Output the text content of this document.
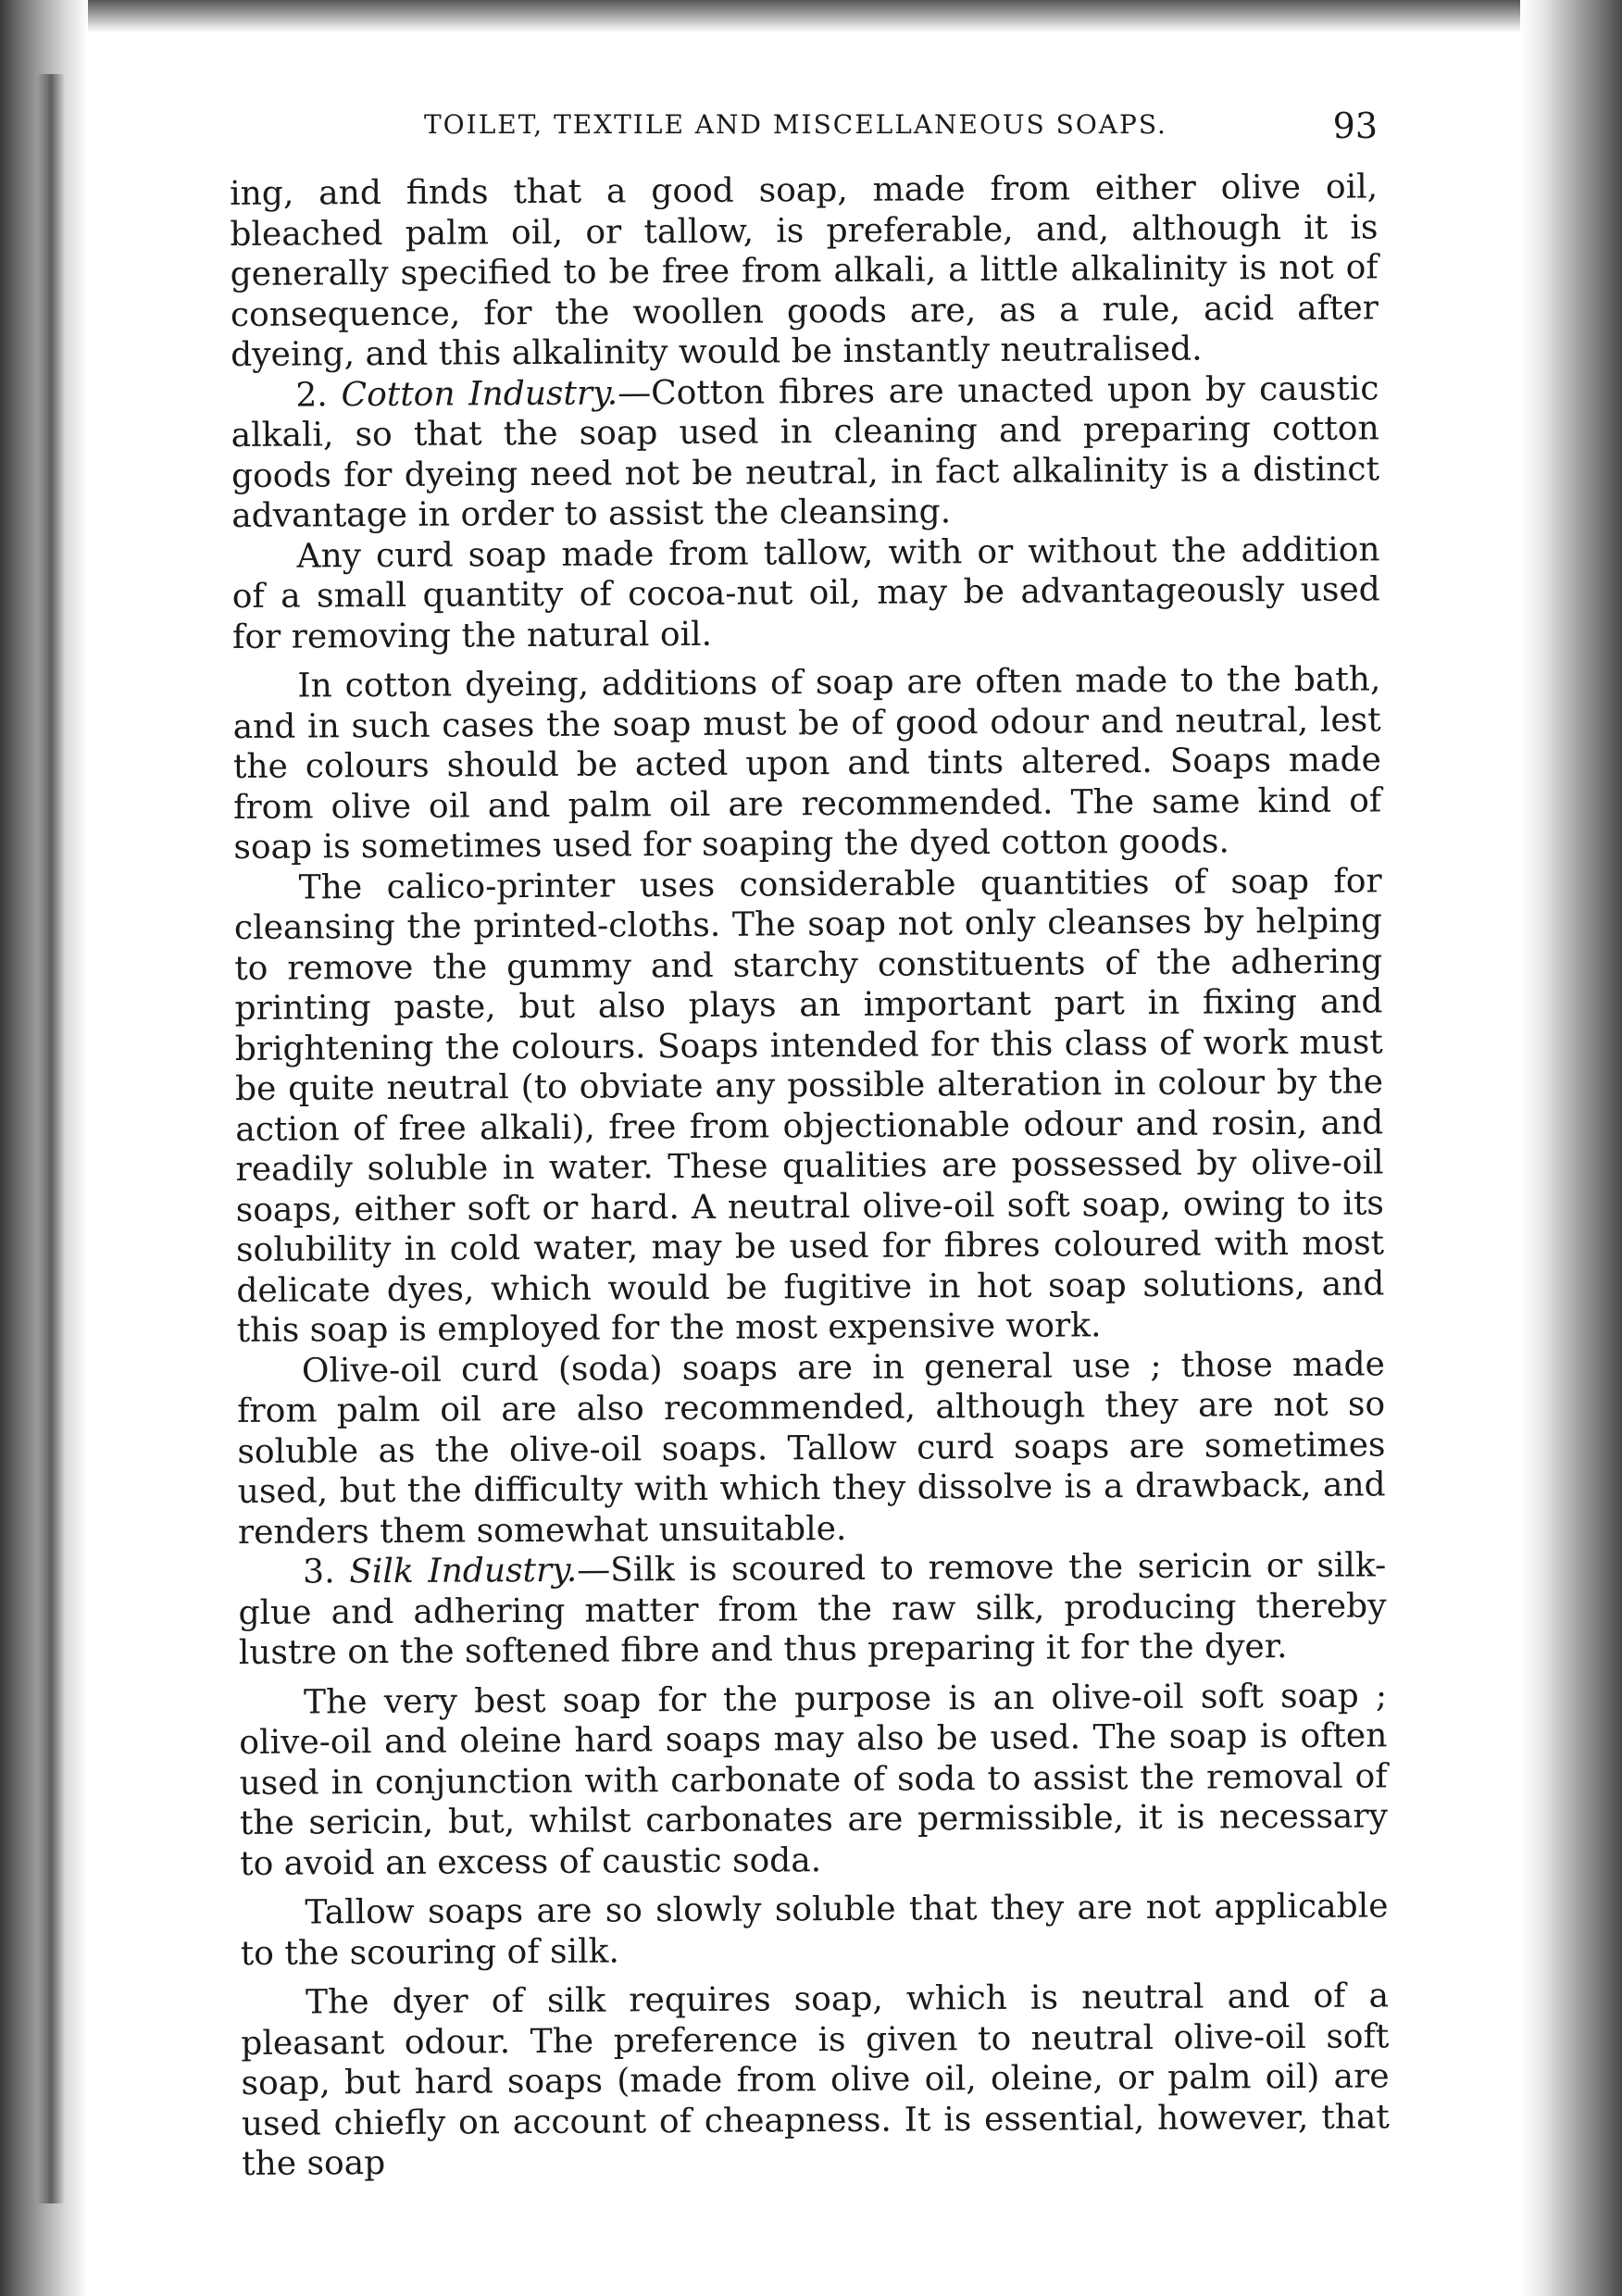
TOILET, TEXTILE AND MISCELLANEOUS SOAPS.	93

ing, and finds that a good soap, made from either olive oil, bleached palm oil, or tallow, is preferable, and, although it is generally specified to be free from alkali, a little alkalinity is not of consequence, for the woollen goods are, as a rule, acid after dyeing, and this alkalinity would be instantly neutralised.

2. Cotton Industry.—Cotton fibres are unacted upon by caustic alkali, so that the soap used in cleaning and preparing cotton goods for dyeing need not be neutral, in fact alkalinity is a distinct advantage in order to assist the cleansing.

Any curd soap made from tallow, with or without the addition of a small quantity of cocoa-nut oil, may be advantageously used for removing the natural oil.

In cotton dyeing, additions of soap are often made to the bath, and in such cases the soap must be of good odour and neutral, lest the colours should be acted upon and tints altered. Soaps made from olive oil and palm oil are recommended. The same kind of soap is sometimes used for soaping the dyed cotton goods.

The calico-printer uses considerable quantities of soap for cleansing the printed-cloths. The soap not only cleanses by helping to remove the gummy and starchy constituents of the adhering printing paste, but also plays an important part in fixing and brightening the colours. Soaps intended for this class of work must be quite neutral (to obviate any possible alteration in colour by the action of free alkali), free from objectionable odour and rosin, and readily soluble in water. These qualities are possessed by olive-oil soaps, either soft or hard. A neutral olive-oil soft soap, owing to its solubility in cold water, may be used for fibres coloured with most delicate dyes, which would be fugitive in hot soap solutions, and this soap is employed for the most expensive work.

Olive-oil curd (soda) soaps are in general use ; those made from palm oil are also recommended, although they are not so soluble as the olive-oil soaps. Tallow curd soaps are sometimes used, but the difficulty with which they dissolve is a drawback, and renders them somewhat unsuitable.

3. Silk Industry.—Silk is scoured to remove the sericin or silk-glue and adhering matter from the raw silk, producing thereby lustre on the softened fibre and thus preparing it for the dyer.

The very best soap for the purpose is an olive-oil soft soap ; olive-oil and oleine hard soaps may also be used. The soap is often used in conjunction with carbonate of soda to assist the removal of the sericin, but, whilst carbonates are permissible, it is necessary to avoid an excess of caustic soda.

Tallow soaps are so slowly soluble that they are not applicable to the scouring of silk.

The dyer of silk requires soap, which is neutral and of a pleasant odour. The preference is given to neutral olive-oil soft soap, but hard soaps (made from olive oil, oleine, or palm oil) are used chiefly on account of cheapness. It is essential, however, that the soap
